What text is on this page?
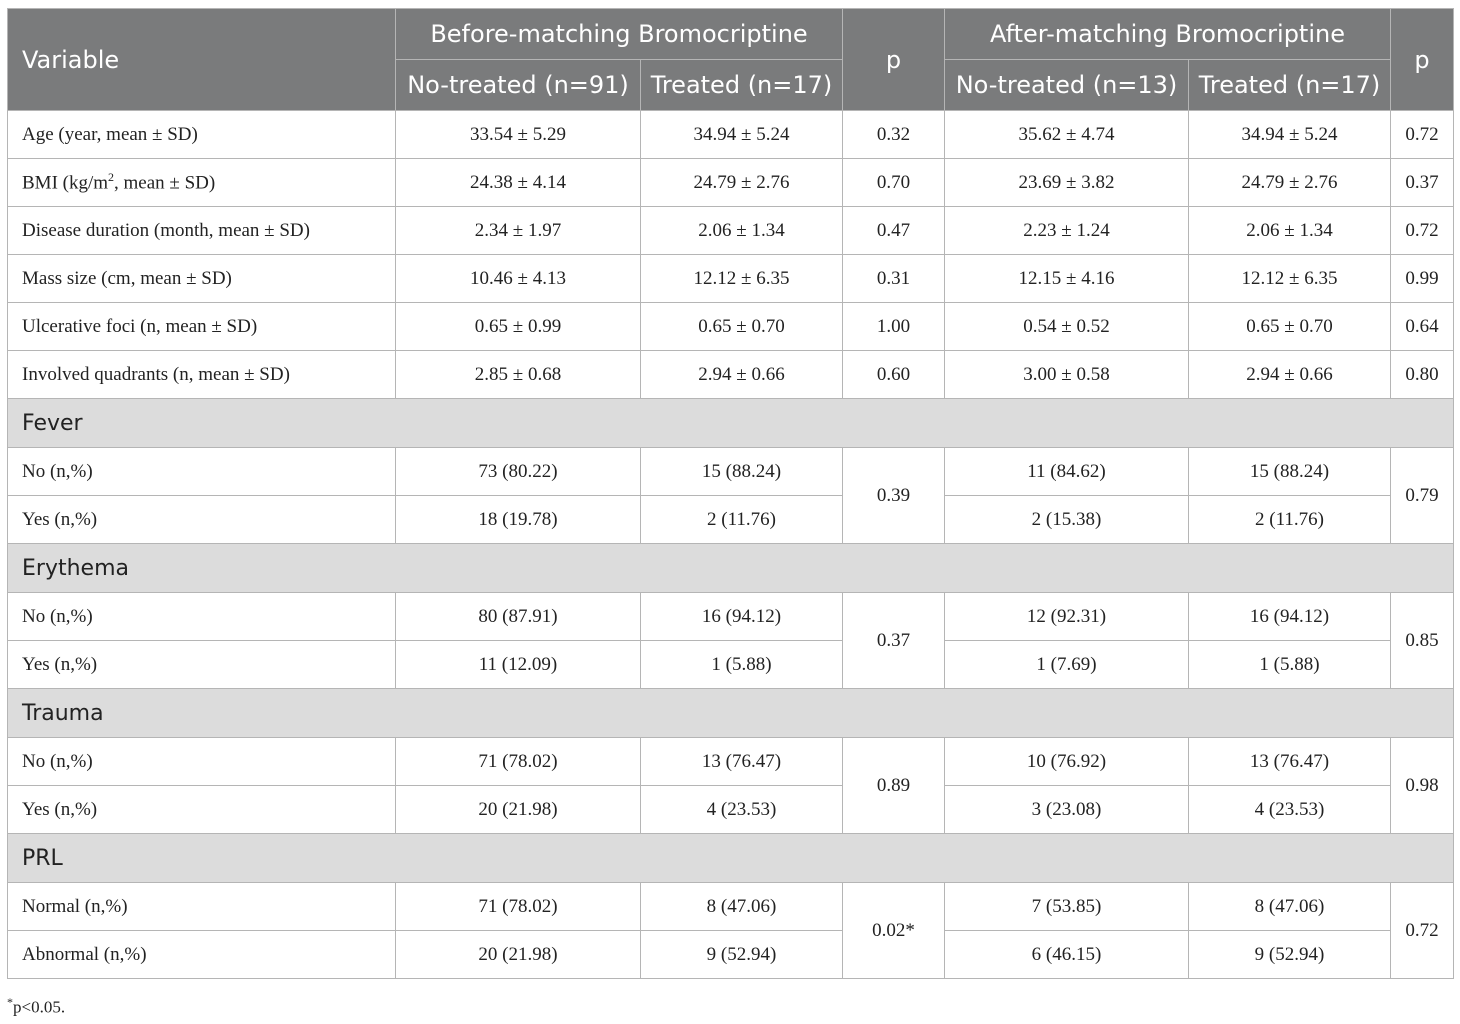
Variable	Before-matching Bromocriptine		p	After-matching Bromocriptine		p
	No-treated (n=91)	Treated (n=17)		No-treated (n=13)	Treated (n=17)	
Age (year, mean ± SD)	33.54 ± 5.29	34.94 ± 5.24	0.32	35.62 ± 4.74	34.94 ± 5.24	0.72
BMI ($kg/m^2$, mean ± SD)	24.38 ± 4.14	24.79 ± 2.76	0.70	23.69 ± 3.82	24.79 ± 2.76	0.37
Disease duration (month, mean ± SD)	2.34 ± 1.97	2.06 ± 1.34	0.47	2.23 ± 1.24	2.06 ± 1.34	0.72
Mass size (cm, mean ± SD)	10.46 ± 4.13	12.12 ± 6.35	0.31	12.15 ± 4.16	12.12 ± 6.35	0.99
Ulcerative foci (n, mean ± SD)	0.65 ± 0.99	0.65 ± 0.70	1.00	0.54 ± 0.52	0.65 ± 0.70	0.64
Involved quadrants (n, mean ± SD)	2.85 ± 0.68	2.94 ± 0.66	0.60	3.00 ± 0.58	2.94 ± 0.66	0.80
Fever						
No (n,%)	73 (80.22)	15 (88.24)	0.39	11 (84.62)	15 (88.24)	0.79
Yes (n,%)	18 (19.78)	2 (11.76)		2 (15.38)	2 (11.76)	
Erythema						
No (n,%)	80 (87.91)	16 (94.12)	0.37	12 (92.31)	16 (94.12)	0.85
Yes (n,%)	11 (12.09)	1 (5.88)		1 (7.69)	1 (5.88)	
Trauma						
No (n,%)	71 (78.02)	13 (76.47)	0.89	10 (76.92)	13 (76.47)	0.98
Yes (n,%)	20 (21.98)	4 (23.53)		3 (23.08)	4 (23.53)	
PRL						
Normal (n,%)	71 (78.02)	8 (47.06)	0.02*	7 (53.85)	8 (47.06)	0.72
Abnormal (n,%)	20 (21.98)	9 (52.94)		6 (46.15)	9 (52.94)	
*p<0.05.
